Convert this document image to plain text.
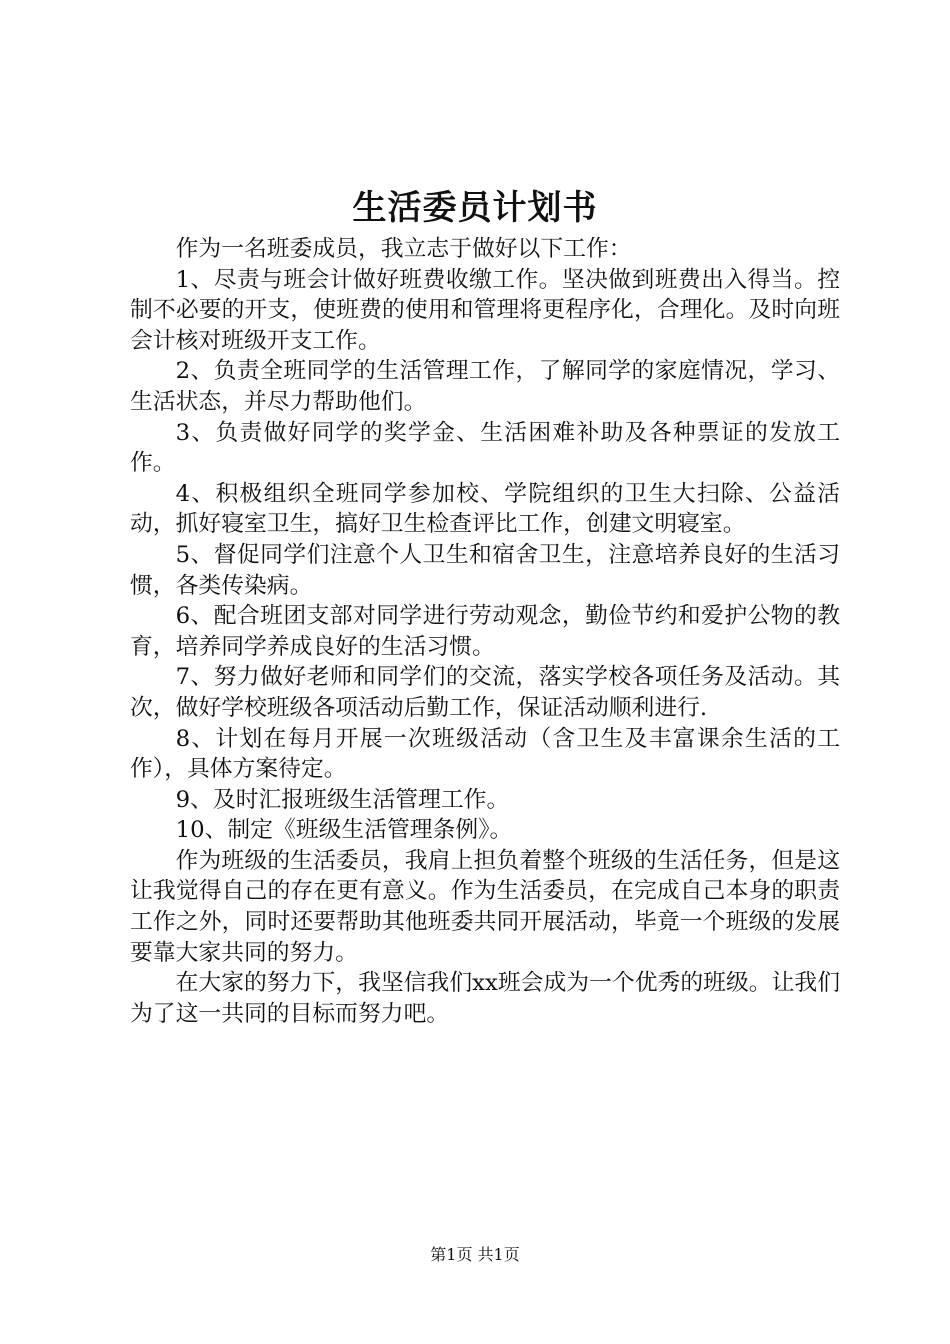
生活委员计划书

作为一名班委成员，我立志于做好以下工作：

1、尽责与班会计做好班费收缴工作。坚决做到班费出入得当。控制不必要的开支，使班费的使用和管理将更程序化，合理化。及时向班会计核对班级开支工作。

2、负责全班同学的生活管理工作，了解同学的家庭情况，学习、生活状态，并尽力帮助他们。

3、负责做好同学的奖学金、生活困难补助及各种票证的发放工作。

4、积极组织全班同学参加校、学院组织的卫生大扫除、公益活动，抓好寝室卫生，搞好卫生检查评比工作，创建文明寝室。

5、督促同学们注意个人卫生和宿舍卫生，注意培养良好的生活习惯，各类传染病。

6、配合班团支部对同学进行劳动观念，勤俭节约和爱护公物的教育，培养同学养成良好的生活习惯。

7、努力做好老师和同学们的交流，落实学校各项任务及活动。其次，做好学校班级各项活动后勤工作，保证活动顺利进行.

8、计划在每月开展一次班级活动（含卫生及丰富课余生活的工作），具体方案待定。

9、及时汇报班级生活管理工作。

10、制定《班级生活管理条例》。

作为班级的生活委员，我肩上担负着整个班级的生活任务，但是这让我觉得自己的存在更有意义。作为生活委员，在完成自己本身的职责工作之外，同时还要帮助其他班委共同开展活动，毕竟一个班级的发展要靠大家共同的努力。

在大家的努力下，我坚信我们xx班会成为一个优秀的班级。让我们为了这一共同的目标而努力吧。

第1页 共1页
